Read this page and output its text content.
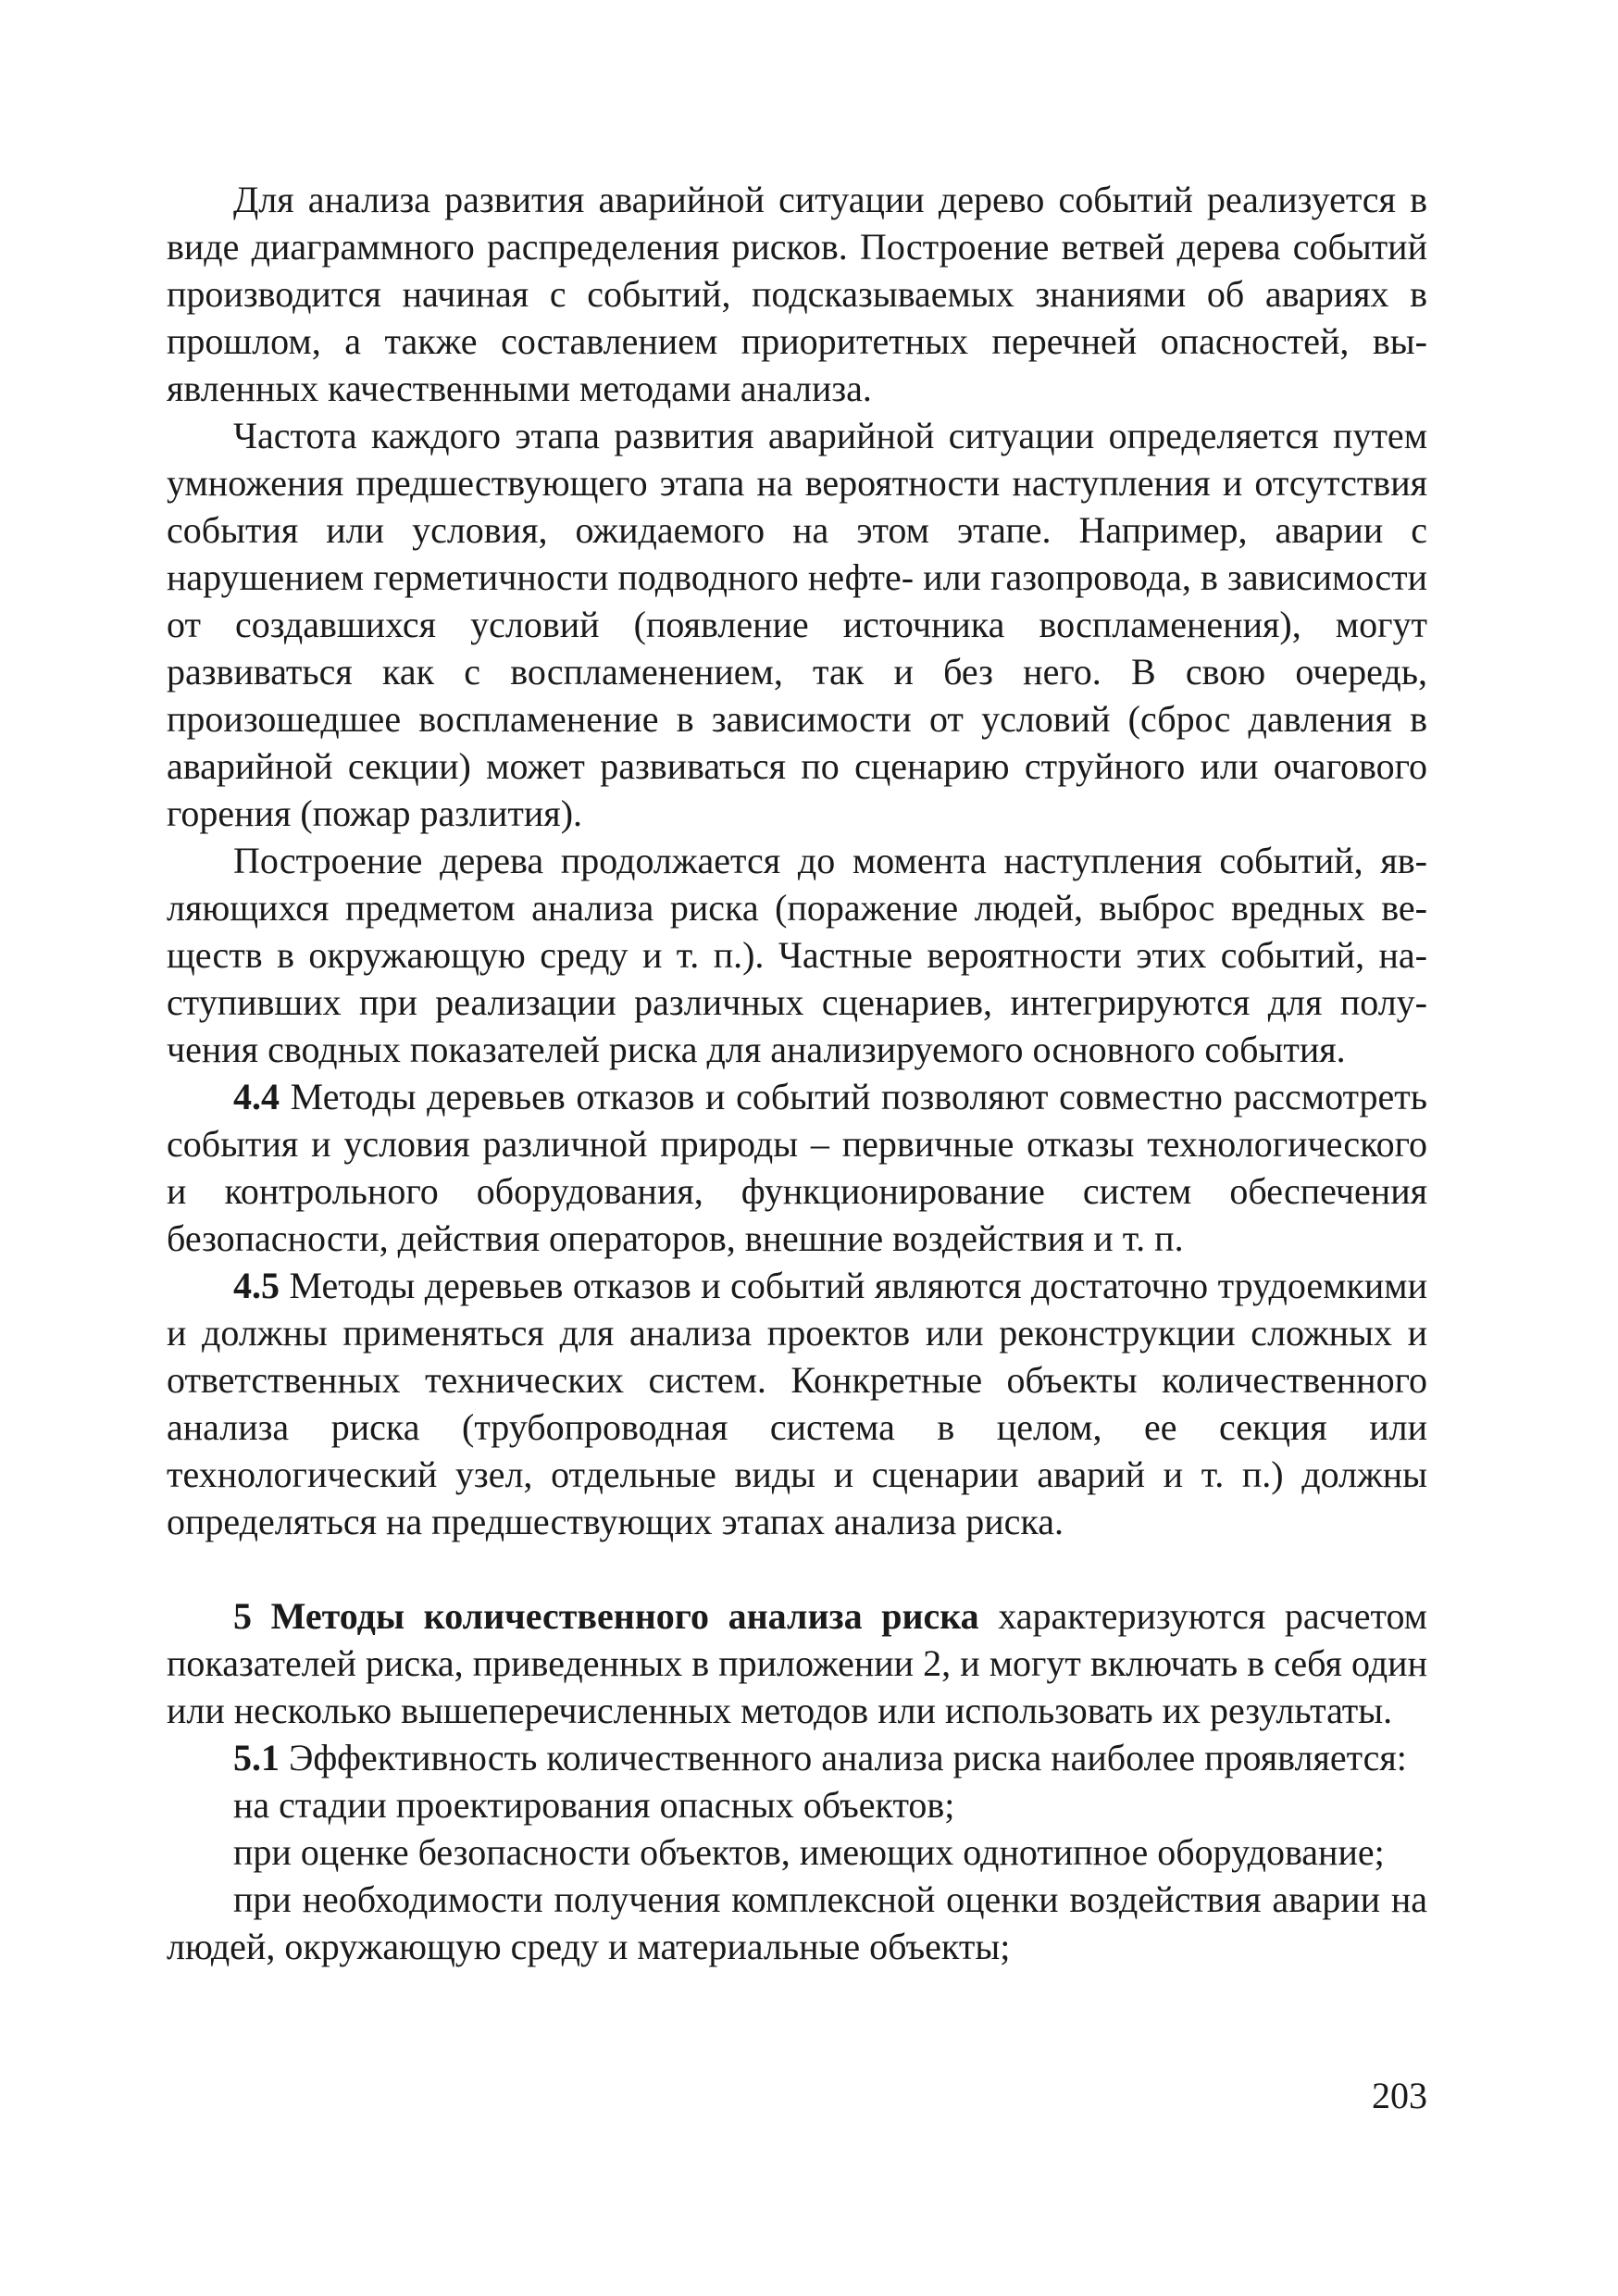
Для анализа развития аварийной ситуации дерево событий реализуется в виде диаграммного распределения рисков. Построение ветвей дерева событий производится начиная с событий, подсказываемых знаниями об авариях в прошлом, а также составлением приоритетных перечней опасностей, выявленных качественными методами анализа.

Частота каждого этапа развития аварийной ситуации определяется путем умножения предшествующего этапа на вероятности наступления и отсутствия события или условия, ожидаемого на этом этапе. Например, аварии с нарушением герметичности подводного нефте- или газопровода, в зависимости от создавшихся условий (появление источника воспламенения), могут развиваться как с воспламенением, так и без него. В свою очередь, произошедшее воспламенение в зависимости от условий (сброс давления в аварийной секции) может развиваться по сценарию струйного или очагового горения (пожар разлития).

Построение дерева продолжается до момента наступления событий, являющихся предметом анализа риска (поражение людей, выброс вредных веществ в окружающую среду и т. п.). Частные вероятности этих событий, наступивших при реализации различных сценариев, интегрируются для получения сводных показателей риска для анализируемого основного события.

4.4 Методы деревьев отказов и событий позволяют совместно рассмотреть события и условия различной природы – первичные отказы технологического и контрольного оборудования, функционирование систем обеспечения безопасности, действия операторов, внешние воздействия и т. п.

4.5 Методы деревьев отказов и событий являются достаточно трудоемкими и должны применяться для анализа проектов или реконструкции сложных и ответственных технических систем. Конкретные объекты количественного анализа риска (трубопроводная система в целом, ее секция или технологический узел, отдельные виды и сценарии аварий и т. п.) должны определяться на предшествующих этапах анализа риска.

5 Методы количественного анализа риска характеризуются расчетом показателей риска, приведенных в приложении 2, и могут включать в себя один или несколько вышеперечисленных методов или использовать их результаты.

5.1 Эффективность количественного анализа риска наиболее проявляется:

на стадии проектирования опасных объектов;

при оценке безопасности объектов, имеющих однотипное оборудование;

при необходимости получения комплексной оценки воздействия аварии на людей, окружающую среду и материальные объекты;

203
